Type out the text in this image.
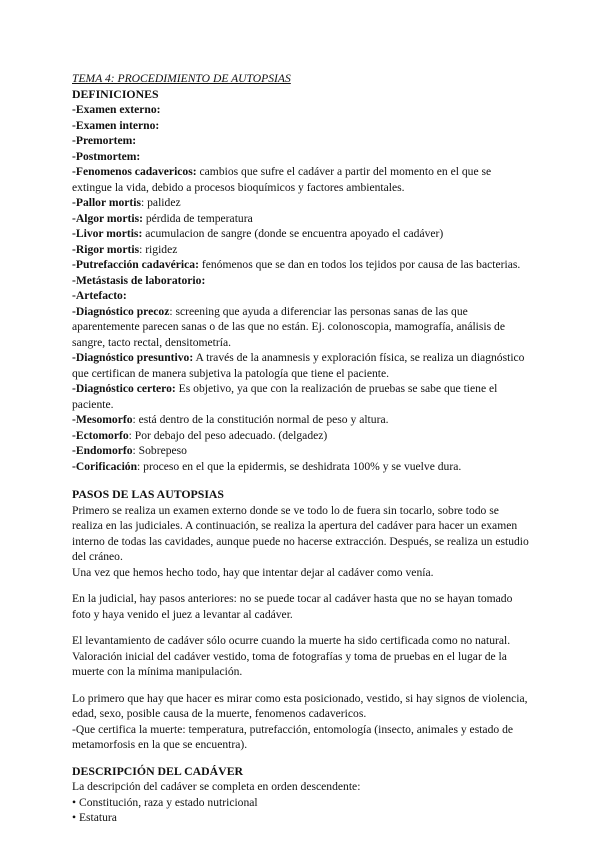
TEMA 4: PROCEDIMIENTO DE AUTOPSIAS
DEFINICIONES

-Examen externo:

-Examen interno:

-Premortem:

-Postmortem:

-Fenomenos cadavericos: cambios que sufre el cadáver a partir del momento en el que se extingue la vida, debido a procesos bioquímicos y factores ambientales.

-Pallor mortis: palidez

-Algor mortis: pérdida de temperatura

-Livor mortis: acumulacion de sangre (donde se encuentra apoyado el cadáver)

-Rigor mortis: rigidez

-Putrefacción cadavérica: fenómenos que se dan en todos los tejidos por causa de las bacterias.

-Metástasis de laboratorio:

-Artefacto:

-Diagnóstico precoz: screening que ayuda a diferenciar las personas sanas de las que aparentemente parecen sanas o de las que no están. Ej. colonoscopia, mamografía, análisis de sangre, tacto rectal, densitometría.

-Diagnóstico presuntivo: A través de la anamnesis y exploración física, se realiza un diagnóstico que certifican de manera subjetiva la patología que tiene el paciente.

-Diagnóstico certero: Es objetivo, ya que con la realización de pruebas se sabe que tiene el paciente.

-Mesomorfo: está dentro de la constitución normal de peso y altura.

-Ectomorfo: Por debajo del peso adecuado. (delgadez)

-Endomorfo: Sobrepeso

-Corificación: proceso en el que la epidermis, se deshidrata 100% y se vuelve dura.

PASOS DE LAS AUTOPSIAS

Primero se realiza un examen externo donde se ve todo lo de fuera sin tocarlo, sobre todo se realiza en las judiciales. A continuación, se realiza la apertura del cadáver para hacer un examen interno de todas las cavidades, aunque puede no hacerse extracción. Después, se realiza un estudio del cráneo.

Una vez que hemos hecho todo, hay que intentar dejar al cadáver como venía.

En la judicial, hay pasos anteriores: no se puede tocar al cadáver hasta que no se hayan tomado foto y haya venido el juez a levantar al cadáver.

El levantamiento de cadáver sólo ocurre cuando la muerte ha sido certificada como no natural.

Valoración inicial del cadáver vestido, toma de fotografías y toma de pruebas en el lugar de la muerte con la mínima manipulación.

Lo primero que hay que hacer es mirar como esta posicionado, vestido, si hay signos de violencia, edad, sexo, posible causa de la muerte, fenomenos cadavericos.

-Que certifica la muerte: temperatura, putrefacción, entomología (insecto, animales y estado de metamorfosis en la que se encuentra).

DESCRIPCIÓN DEL CADÁVER

La descripción del cadáver se completa en orden descendente:

• Constitución, raza y estado nutricional

• Estatura
